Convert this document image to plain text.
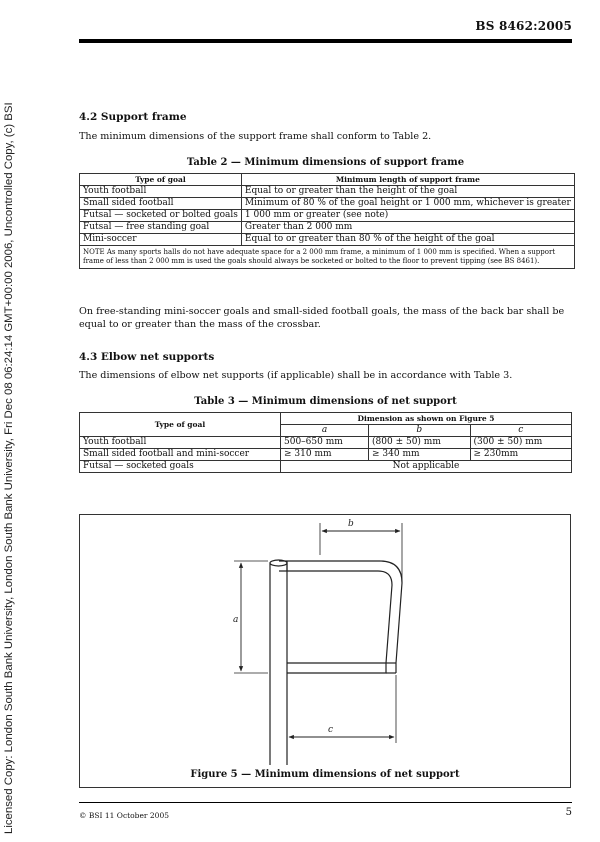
Licensed Copy: London South Bank University, London South Bank University, Fri Dec 08 06:24:14 GMT+00:00 2006, Uncontrolled Copy, (c) BSI
BS 8462:2005

4.2 Support frame

The minimum dimensions of the support frame shall conform to Table 2.

Table 2 — Minimum dimensions of support frame
Type of goal	Minimum length of support frame
Youth football	Equal to or greater than the height of the goal
Small sided football	Minimum of 80 % of the goal height or 1 000 mm, whichever is greater
Futsal — socketed or bolted goals	1 000 mm or greater (see note)
Futsal — free standing goal	Greater than 2 000 mm
Mini-soccer	Equal to or greater than 80 % of the height of the goal
NOTE As many sports halls do not have adequate space for a 2 000 mm frame, a minimum of 1 000 mm is specified. When a support frame of less than 2 000 mm is used the goals should always be socketed or bolted to the floor to prevent tipping (see BS 8461).	

On free-standing mini-soccer goals and small-sided football goals, the mass of the back bar shall be equal to or greater than the mass of the crossbar.

4.3 Elbow net supports

The dimensions of elbow net supports (if applicable) shall be in accordance with Table 3.

Table 3 — Minimum dimensions of net support
Type of goal	Dimension as shown on Figure 5		
	a	b	c
Youth football	500–650 mm	(800 ± 50) mm	(300 ± 50) mm
Small sided football and mini-soccer	≥ 310 mm	≥ 340 mm	≥ 230mm
Futsal — socketed goals	Not applicable		
b
a
c
Figure 5 — Minimum dimensions of net support
© BSI 11 October 2005	5
